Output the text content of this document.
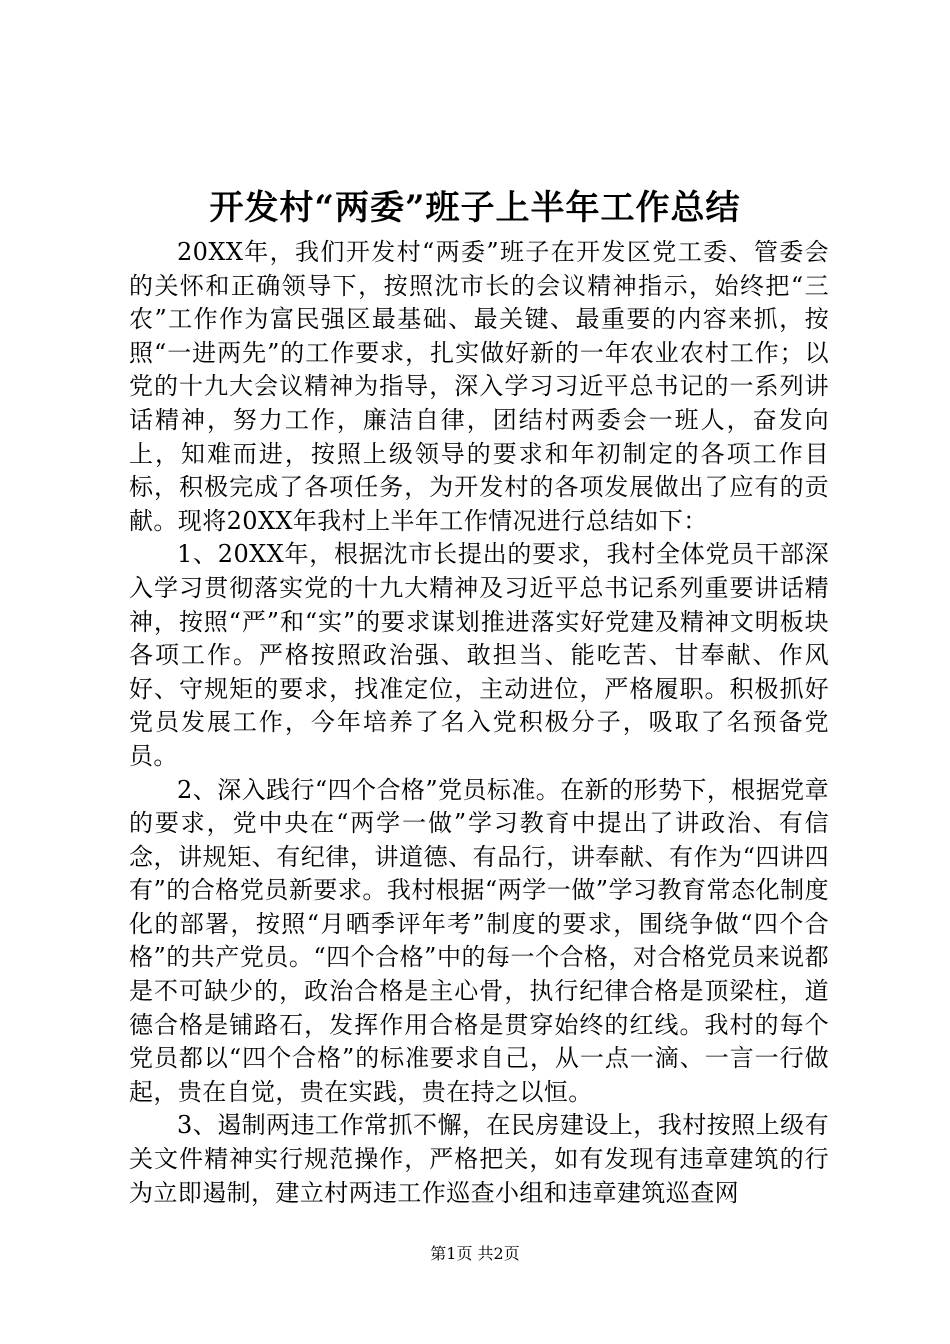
开发村“两委”班子上半年工作总结

20XX年，我们开发村“两委”班子在开发区党工委、管委会的关怀和正确领导下，按照沈市长的会议精神指示，始终把“三农”工作作为富民强区最基础、最关键、最重要的内容来抓，按照“一进两先”的工作要求，扎实做好新的一年农业农村工作；以党的十九大会议精神为指导，深入学习习近平总书记的一系列讲话精神，努力工作，廉洁自律，团结村两委会一班人，奋发向上，知难而进，按照上级领导的要求和年初制定的各项工作目标，积极完成了各项任务，为开发村的各项发展做出了应有的贡献。现将20XX年我村上半年工作情况进行总结如下：

1、20XX年，根据沈市长提出的要求，我村全体党员干部深入学习贯彻落实党的十九大精神及习近平总书记系列重要讲话精神，按照“严”和“实”的要求谋划推进落实好党建及精神文明板块各项工作。严格按照政治强、敢担当、能吃苦、甘奉献、作风好、守规矩的要求，找准定位，主动进位，严格履职。积极抓好党员发展工作，今年培养了名入党积极分子，吸取了名预备党员。

2、深入践行“四个合格”党员标准。在新的形势下，根据党章的要求，党中央在“两学一做”学习教育中提出了讲政治、有信念，讲规矩、有纪律，讲道德、有品行，讲奉献、有作为“四讲四有”的合格党员新要求。我村根据“两学一做”学习教育常态化制度化的部署，按照“月晒季评年考”制度的要求，围绕争做“四个合格”的共产党员。“四个合格”中的每一个合格，对合格党员来说都是不可缺少的，政治合格是主心骨，执行纪律合格是顶梁柱，道德合格是铺路石，发挥作用合格是贯穿始终的红线。我村的每个党员都以“四个合格”的标准要求自己，从一点一滴、一言一行做起，贵在自觉，贵在实践，贵在持之以恒。

3、遏制两违工作常抓不懈，在民房建设上，我村按照上级有关文件精神实行规范操作，严格把关，如有发现有违章建筑的行为立即遏制，建立村两违工作巡查小组和违章建筑巡查网

第1页 共2页
